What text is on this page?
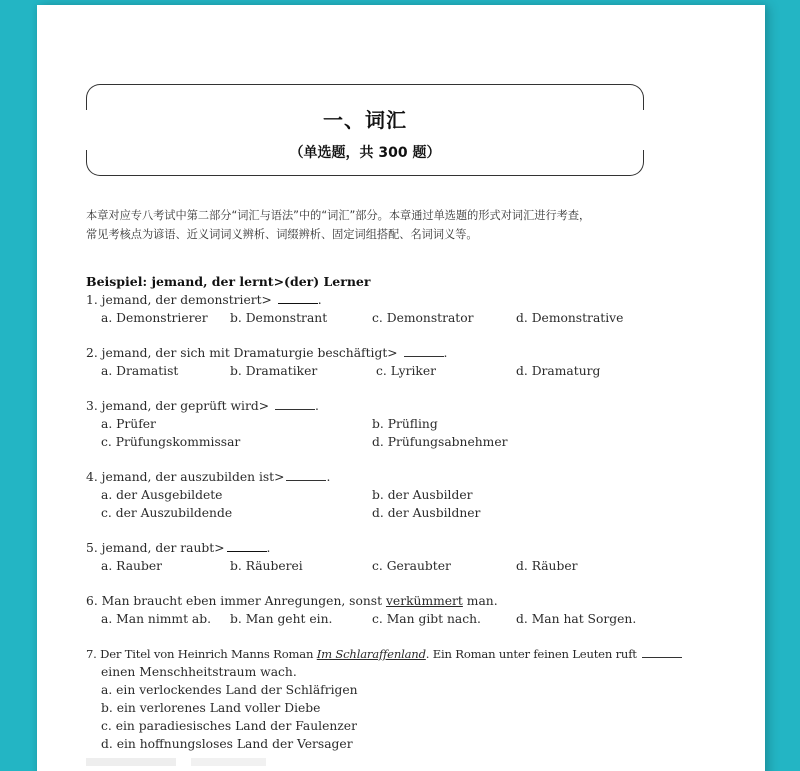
一、词汇
（单选题，共 300 题）
本章对应专八考试中第二部分“词汇与语法”中的“词汇”部分。本章通过单选题的形式对词汇进行考查，
常见考核点为谚语、近义词词义辨析、词缀辨析、固定词组搭配、名词词义等。
Beispiel: jemand, der lernt>(der) Lerner
1. jemand, der demonstriert>	.
a. Demonstrierer b. Demonstrant	c. Demonstrator	d. Demonstrative
2. jemand, der sich mit Dramaturgie beschäftigt>	.
a. Dramatist	b. Dramatiker	c. Lyriker	d. Dramaturg
3. jemand, der geprüft wird>	.
a. Prüfer	b. Prüfling
c. Prüfungskommissar	d. Prüfungsabnehmer
4. jemand, der auszubilden ist>	.
a. der Ausgebildete	b. der Ausbilder
c. der Auszubildende	d. der Ausbildner
5. jemand, der raubt>	.
a. Rauber	b. Räuberei	c. Geraubter	d. Räuber
6. Man braucht eben immer Anregungen, sonst verkümmert man.
a. Man nimmt ab. b. Man geht ein.	c. Man gibt nach.	d. Man hat Sorgen.
7. Der Titel von Heinrich Manns Roman Im Schlaraffenland. Ein Roman unter feinen Leuten ruft
einen Menschheitstraum wach.
a. ein verlockendes Land der Schläfrigen
b. ein verlorenes Land voller Diebe
c. ein paradiesisches Land der Faulenzer
d. ein hoffnungsloses Land der Versager
